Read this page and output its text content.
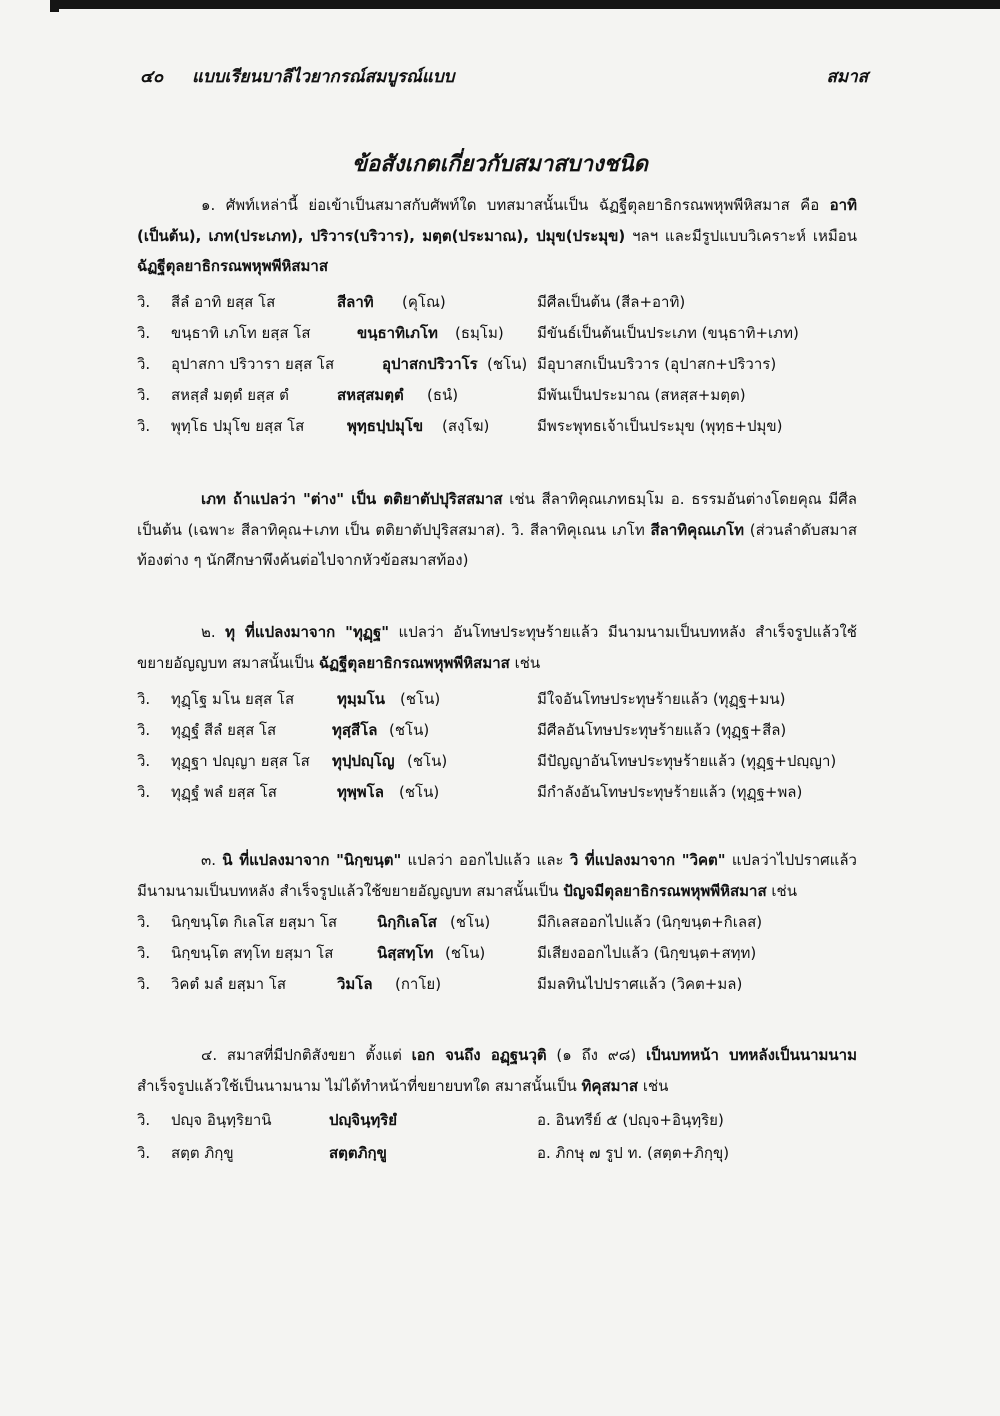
๔๐ แบบเรียนบาลีไวยากรณ์สมบูรณ์แบบ	สมาส
ข้อสังเกตเกี่ยวกับสมาสบางชนิด

๑. ศัพท์เหล่านี้ ย่อเข้าเป็นสมาสกับศัพท์ใด บทสมาสนั้นเป็น ฉัฏฐีตุลยาธิกรณพหุพพีหิสมาส คือ อาทิ (เป็นต้น), เภท(ประเภท), ปริวาร(บริวาร), มตฺต(ประมาณ), ปมุข(ประมุข) ฯลฯ และมีรูปแบบวิเคราะห์ เหมือน ฉัฏฐีตุลยาธิกรณพหุพพีหิสมาส

วิ. สีลํ อาทิ ยสฺส โส	สีลาทิ (คุโณ)	มีศีลเป็นต้น (สีล+อาทิ)
วิ. ขนฺธาทิ เภโท ยสฺส โส	ขนฺธาทิเภโท (ธมฺโม) มีขันธ์เป็นต้นเป็นประเภท (ขนฺธาทิ+เภท)
วิ. อุปาสกา ปริวารา ยสฺส โส	อุปาสกปริวาโร (ชโน) มีอุบาสกเป็นบริวาร (อุปาสก+ปริวาร)
วิ. สหสฺสํ มตฺตํ ยสฺส ตํ	สหสฺสมตฺตํ (ธนํ)	มีพันเป็นประมาณ (สหสฺส+มตฺต)
วิ. พุทฺโธ ปมุโข ยสฺส โส	พุทฺธปฺปมุโข (สงฺโฆ)	มีพระพุทธเจ้าเป็นประมุข (พุทฺธ+ปมุข)

เภท ถ้าแปลว่า "ต่าง" เป็น ตติยาตัปปุริสสมาส เช่น สีลาทิคุณเภทธมฺโม อ. ธรรมอันต่างโดยคุณ มีศีลเป็นต้น (เฉพาะ สีลาทิคุณ+เภท เป็น ตติยาตัปปุริสสมาส). วิ. สีลาทิคุเณน เภโท สีลาทิคุณเภโท (ส่วนลำดับสมาสท้องต่าง ๆ นักศึกษาพึงค้นต่อไปจากหัวข้อสมาสท้อง)

๒. ทุ ที่แปลงมาจาก "ทุฏฺฐ" แปลว่า อันโทษประทุษร้ายแล้ว มีนามนามเป็นบทหลัง สำเร็จรูปแล้วใช้ขยายอัญญบท สมาสนั้นเป็น ฉัฏฐีตุลยาธิกรณพหุพพีหิสมาส เช่น

วิ. ทุฏฺโฐ มโน ยสฺส โส	ทุมฺมโน (ชโน)	มีใจอันโทษประทุษร้ายแล้ว (ทุฏฺฐ+มน)
วิ. ทุฏฺฐํ สีลํ ยสฺส โส	ทุสฺสีโล (ชโน)	มีศีลอันโทษประทุษร้ายแล้ว (ทุฏฺฐ+สีล)
วิ. ทุฏฺฐา ปญฺญา ยสฺส โส ทุปฺปญฺโญ (ชโน)	มีปัญญาอันโทษประทุษร้ายแล้ว (ทุฏฺฐ+ปญฺญา)
วิ. ทุฏฺฐํ พลํ ยสฺส โส	ทุพฺพโล (ชโน)	มีกำลังอันโทษประทุษร้ายแล้ว (ทุฏฺฐ+พล)

๓. นิ ที่แปลงมาจาก "นิกฺขนฺต" แปลว่า ออกไปแล้ว และ วิ ที่แปลงมาจาก "วิคต" แปลว่าไปปราศแล้ว มีนามนามเป็นบทหลัง สำเร็จรูปแล้วใช้ขยายอัญญบท สมาสนั้นเป็น ปัญจมีตุลยาธิกรณพหุพพีหิสมาส เช่น

วิ. นิกฺขนฺโต กิเลโส ยสฺมา โส	นิกฺกิเลโส (ชโน)	มีกิเลสออกไปแล้ว (นิกฺขนฺต+กิเลส)
วิ. นิกฺขนฺโต สทฺโท ยสฺมา โส	นิสฺสทฺโท (ชโน)	มีเสียงออกไปแล้ว (นิกฺขนฺต+สทฺท)
วิ. วิคตํ มลํ ยสฺมา โส	วิมโล (กาโย)	มีมลทินไปปราศแล้ว (วิคต+มล)

๔. สมาสที่มีปกติสังขยา ตั้งแต่ เอก จนถึง อฏฺฐนวุติ (๑ ถึง ๙๘) เป็นบทหน้า บทหลังเป็นนามนาม สำเร็จรูปแล้วใช้เป็นนามนาม ไม่ได้ทำหน้าที่ขยายบทใด สมาสนั้นเป็น ทิคุสมาส เช่น

วิ. ปญฺจ อินฺทฺริยานิ	ปญฺจินฺทฺริยํ	อ. อินทรีย์ ๕ (ปญฺจ+อินฺทฺริย)
วิ. สตฺต ภิกฺขู	สตฺตภิกฺขู	อ. ภิกษุ ๗ รูป ท. (สตฺต+ภิกฺขุ)
